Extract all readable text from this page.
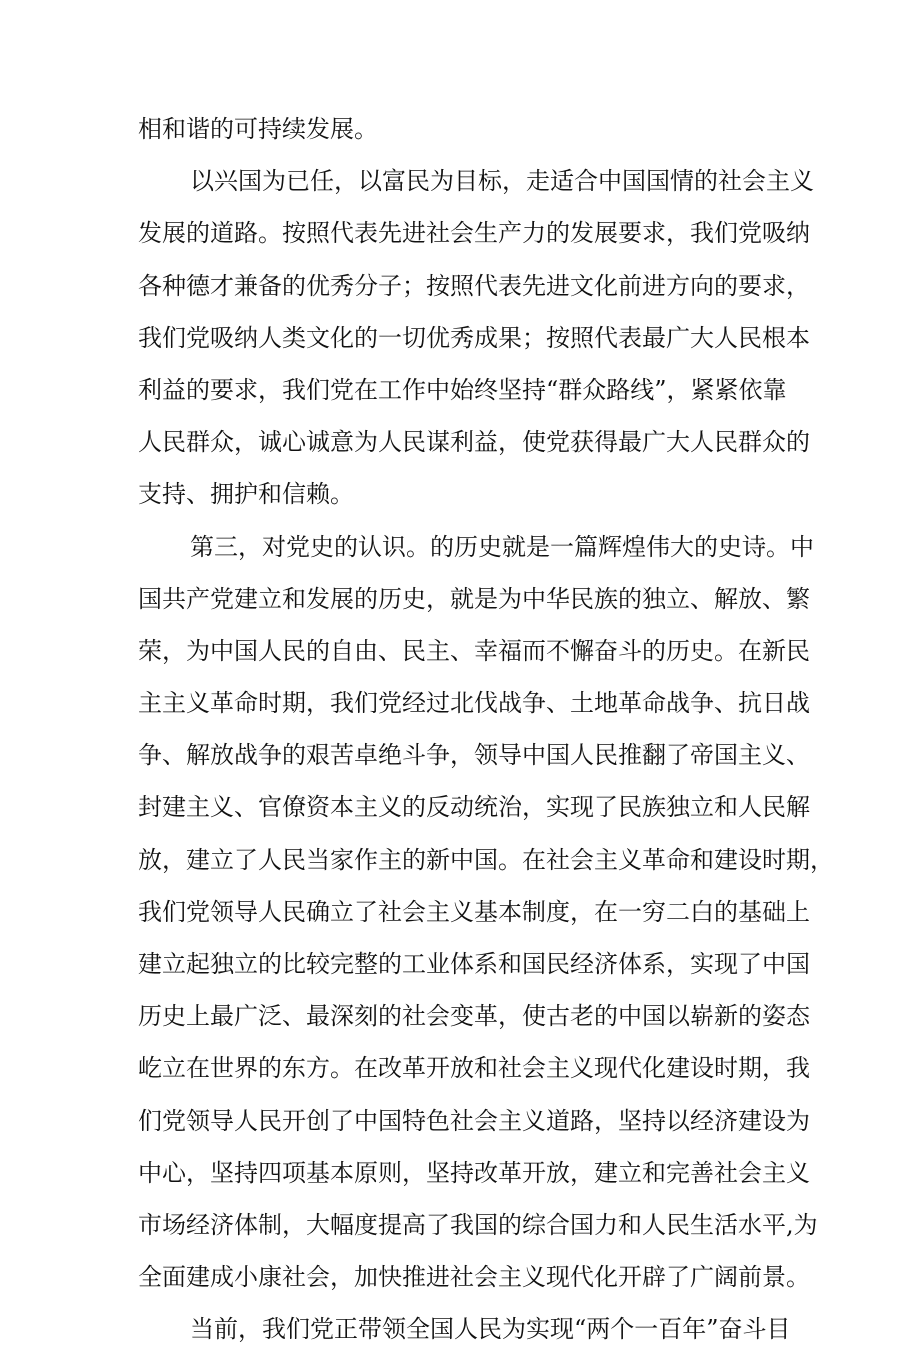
相和谐的可持续发展。
以兴国为已任，以富民为目标，走适合中国国情的社会主义
发展的道路。按照代表先进社会生产力的发展要求，我们党吸纳
各种德才兼备的优秀分子；按照代表先进文化前进方向的要求，
我们党吸纳人类文化的一切优秀成果；按照代表最广大人民根本
利益的要求，我们党在工作中始终坚持“群众路线”，紧紧依靠
人民群众，诚心诚意为人民谋利益，使党获得最广大人民群众的
支持、拥护和信赖。
第三，对党史的认识。的历史就是一篇辉煌伟大的史诗。中
国共产党建立和发展的历史，就是为中华民族的独立、解放、繁
荣，为中国人民的自由、民主、幸福而不懈奋斗的历史。在新民
主主义革命时期，我们党经过北伐战争、土地革命战争、抗日战
争、解放战争的艰苦卓绝斗争，领导中国人民推翻了帝国主义、
封建主义、官僚资本主义的反动统治，实现了民族独立和人民解
放，建立了人民当家作主的新中国。在社会主义革命和建设时期，
我们党领导人民确立了社会主义基本制度，在一穷二白的基础上
建立起独立的比较完整的工业体系和国民经济体系，实现了中国
历史上最广泛、最深刻的社会变革，使古老的中国以崭新的姿态
屹立在世界的东方。在改革开放和社会主义现代化建设时期，我
们党领导人民开创了中国特色社会主义道路，坚持以经济建设为
中心，坚持四项基本原则，坚持改革开放，建立和完善社会主义
市场经济体制，大幅度提高了我国的综合国力和人民生活水平,为
全面建成小康社会，加快推进社会主义现代化开辟了广阔前景。
当前，我们党正带领全国人民为实现“两个一百年”奋斗目
